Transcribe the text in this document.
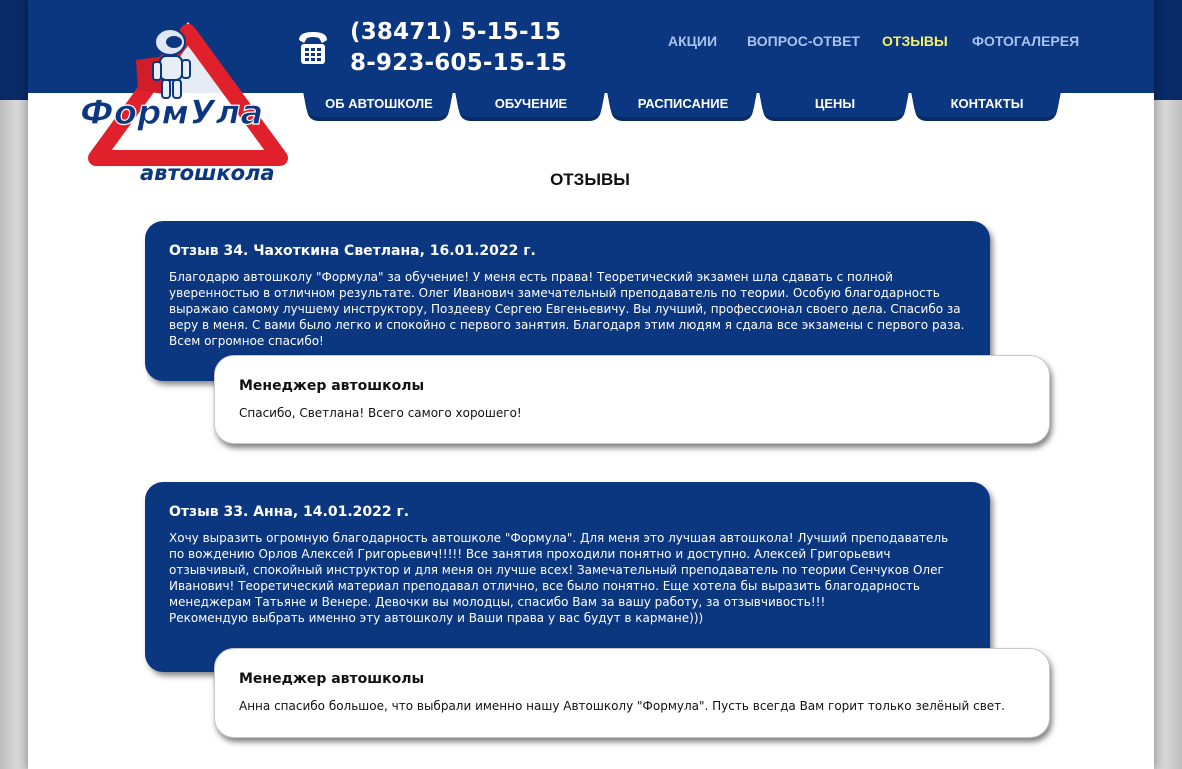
ФормУла
автошкола
(38471) 5-15-15
8-923-605-15-15
АКЦИИ ВОПРОС-ОТВЕТ ОТЗЫВЫ ФОТОГАЛЕРЕЯ
ОБ АВТОШКОЛЕ	ОБУЧЕНИЕ	РАСПИСАНИЕ	ЦЕНЫ	КОНТАКТЫ
ОТЗЫВЫ
Отзыв 34. Чахоткина Светлана, 16.01.2022 г.

Благодарю автошколу "Формула" за обучение! У меня есть права! Теоретический экзамен шла сдавать с полной уверенностью в отличном результате. Олег Иванович замечательный преподаватель по теории. Особую благодарность выражаю самому лучшему инструктору, Поздееву Сергею Евгеньевичу. Вы лучший, профессионал своего дела. Спасибо за веру в меня. С вами было легко и спокойно с первого занятия. Благодаря этим людям я сдала все экзамены с первого раза. Всем огромное спасибо!

Менеджер автошколы

Спасибо, Светлана! Всего самого хорошего!

Отзыв 33. Анна, 14.01.2022 г.

Хочу выразить огромную благодарность автошколе "Формула". Для меня это лучшая автошкола! Лучший преподаватель по вождению Орлов Алексей Григорьевич!!!!! Все занятия проходили понятно и доступно. Алексей Григорьевич отзывчивый, спокойный инструктор и для меня он лучше всех! Замечательный преподаватель по теории Сенчуков Олег Иванович! Теоретический материал преподавал отлично, все было понятно. Еще хотела бы выразить благодарность менеджерам Татьяне и Венере. Девочки вы молодцы, спасибо Вам за вашу работу, за отзывчивость!!!
Рекомендую выбрать именно эту автошколу и Ваши права у вас будут в кармане)))

Менеджер автошколы

Анна спасибо большое, что выбрали именно нашу Автошколу "Формула". Пусть всегда Вам горит только зелёный свет.
